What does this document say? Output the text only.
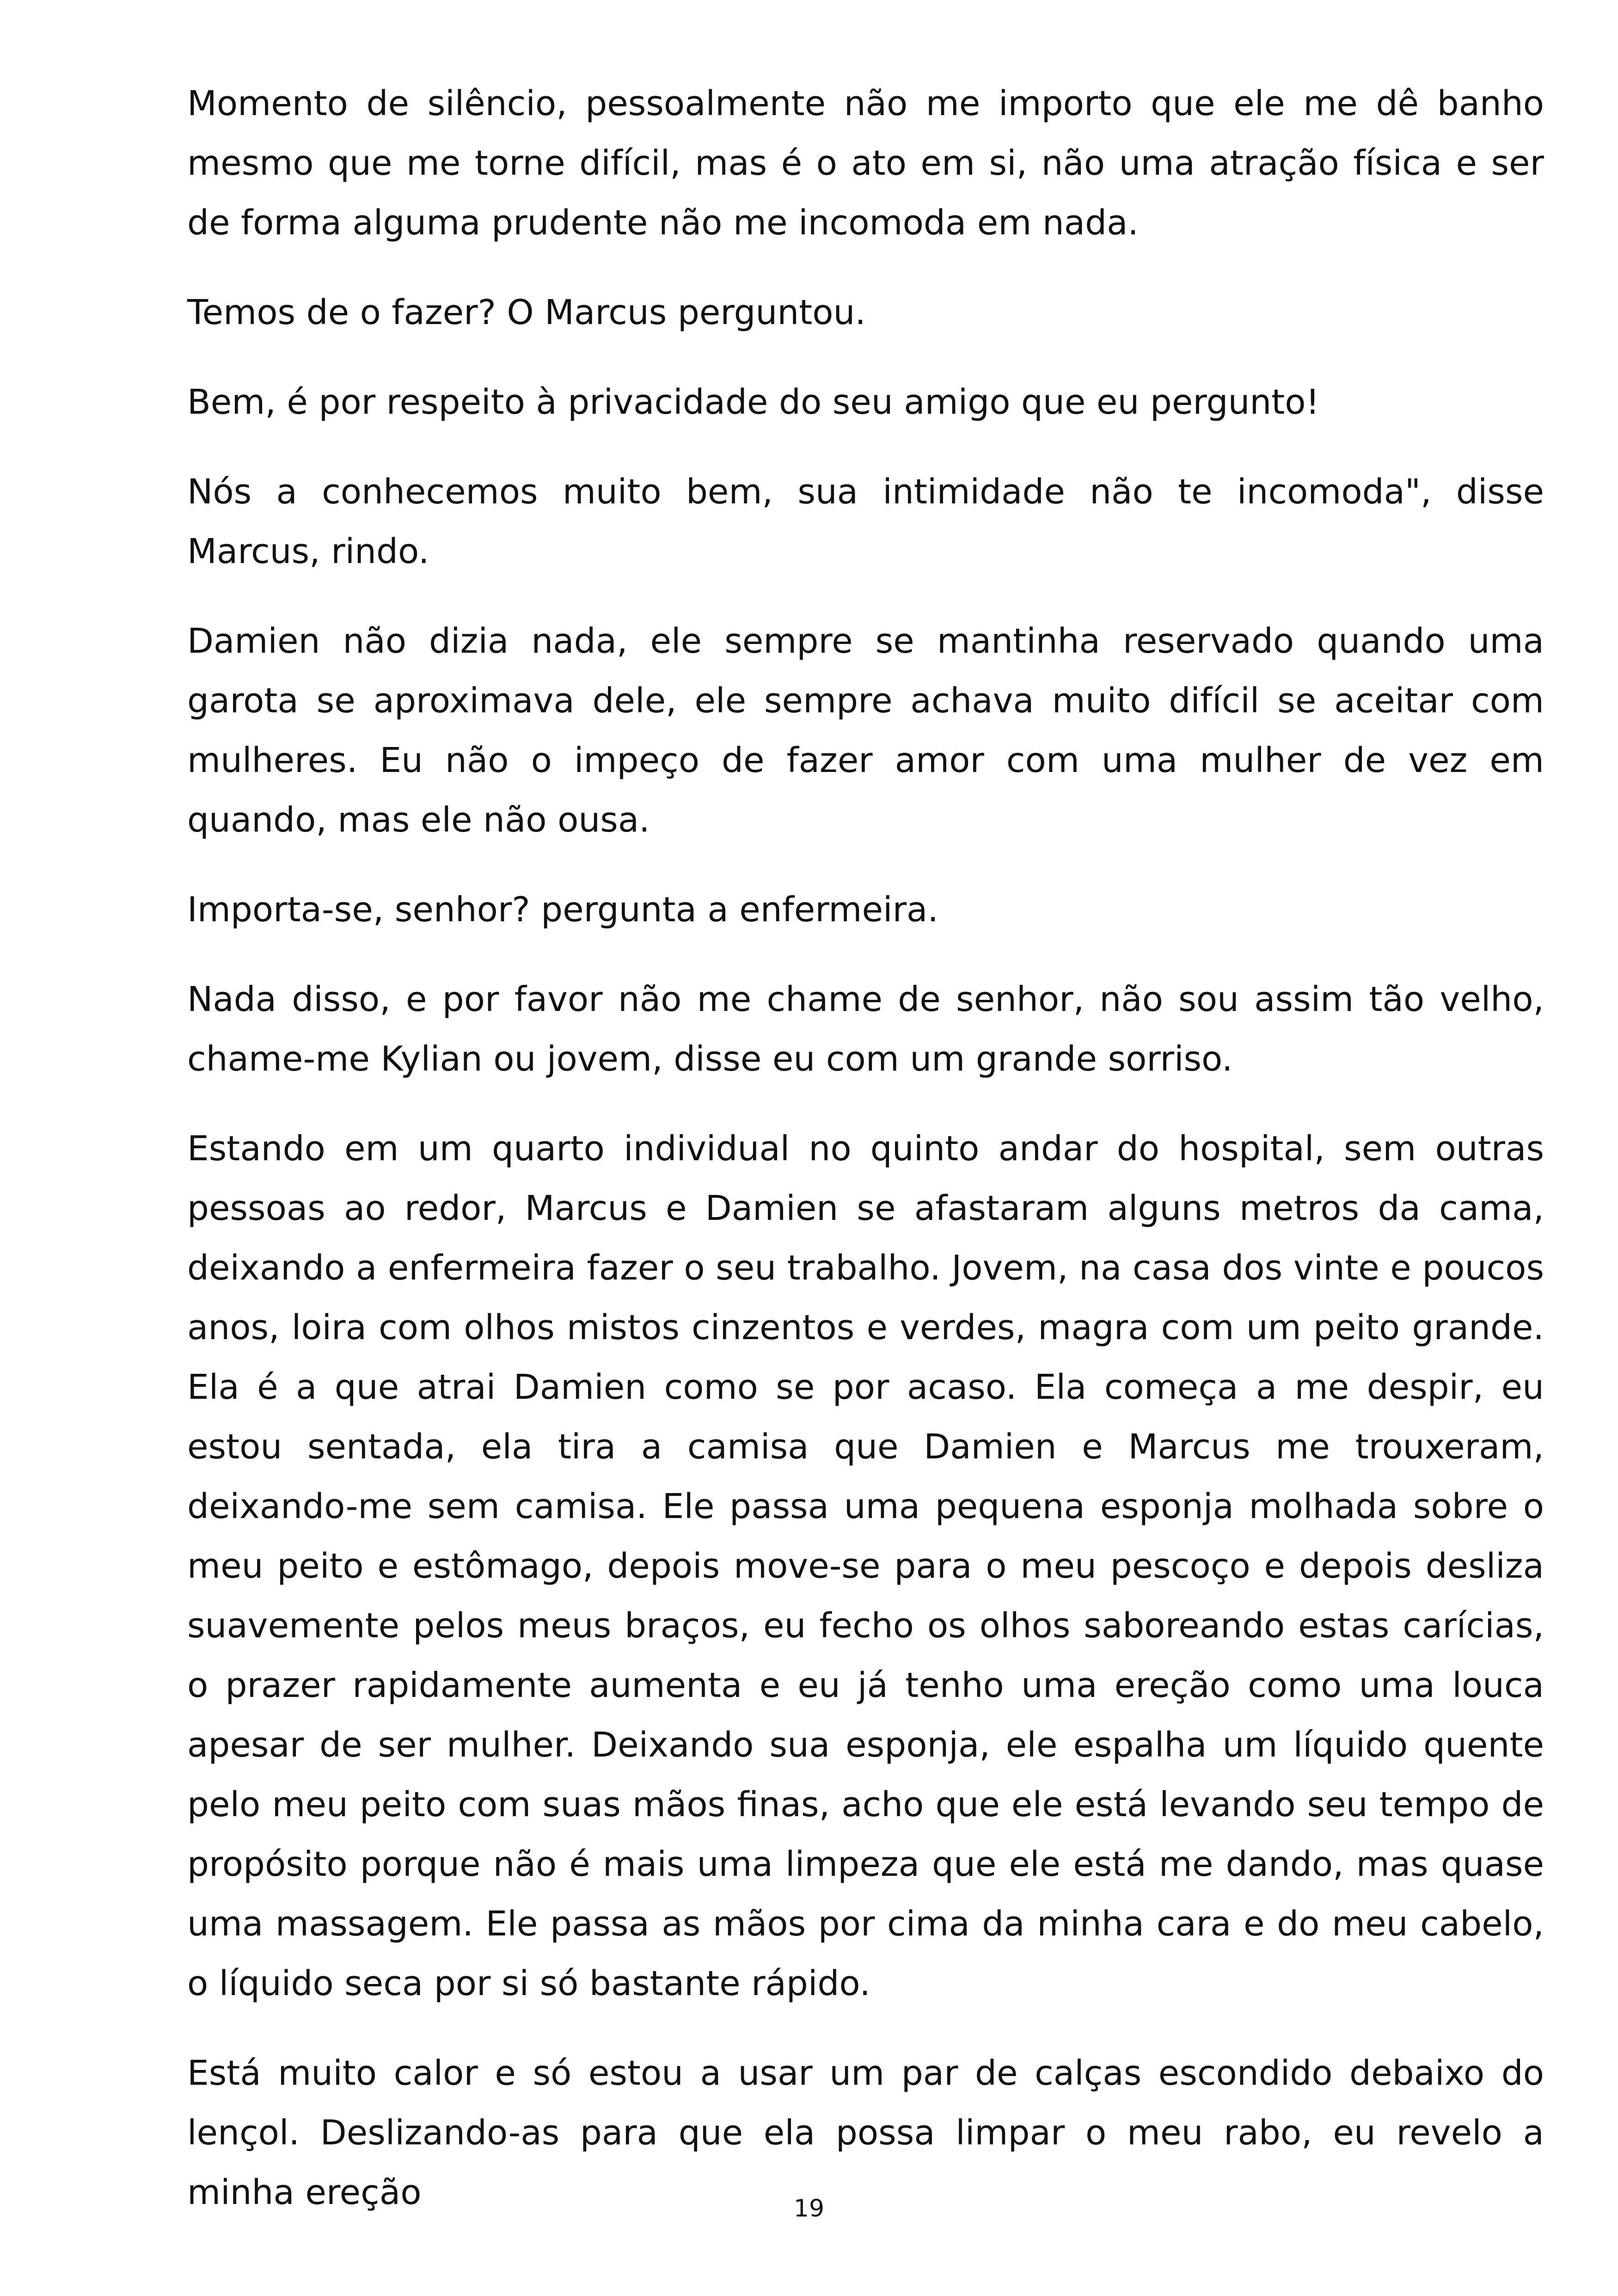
Momento de silêncio, pessoalmente não me importo que ele me dê banho mesmo que me torne difícil, mas é o ato em si, não uma atração física e ser de forma alguma prudente não me incomoda em nada.

Temos de o fazer? O Marcus perguntou.

Bem, é por respeito à privacidade do seu amigo que eu pergunto!

Nós a conhecemos muito bem, sua intimidade não te incomoda", disse Marcus, rindo.

Damien não dizia nada, ele sempre se mantinha reservado quando uma garota se aproximava dele, ele sempre achava muito difícil se aceitar com mulheres. Eu não o impeço de fazer amor com uma mulher de vez em quando, mas ele não ousa.

Importa-se, senhor? pergunta a enfermeira.

Nada disso, e por favor não me chame de senhor, não sou assim tão velho, chame-me Kylian ou jovem, disse eu com um grande sorriso.

Estando em um quarto individual no quinto andar do hospital, sem outras pessoas ao redor, Marcus e Damien se afastaram alguns metros da cama, deixando a enfermeira fazer o seu trabalho. Jovem, na casa dos vinte e poucos anos, loira com olhos mistos cinzentos e verdes, magra com um peito grande. Ela é a que atrai Damien como se por acaso. Ela começa a me despir, eu estou sentada, ela tira a camisa que Damien e Marcus me trouxeram, deixando-me sem camisa. Ele passa uma pequena esponja molhada sobre o meu peito e estômago, depois move-se para o meu pescoço e depois desliza suavemente pelos meus braços, eu fecho os olhos saboreando estas carícias, o prazer rapidamente aumenta e eu já tenho uma ereção como uma louca apesar de ser mulher. Deixando sua esponja, ele espalha um líquido quente pelo meu peito com suas mãos finas, acho que ele está levando seu tempo de propósito porque não é mais uma limpeza que ele está me dando, mas quase uma massagem. Ele passa as mãos por cima da minha cara e do meu cabelo, o líquido seca por si só bastante rápido.

Está muito calor e só estou a usar um par de calças escondido debaixo do lençol. Deslizando-as para que ela possa limpar o meu rabo, eu revelo a minha ereção	19
